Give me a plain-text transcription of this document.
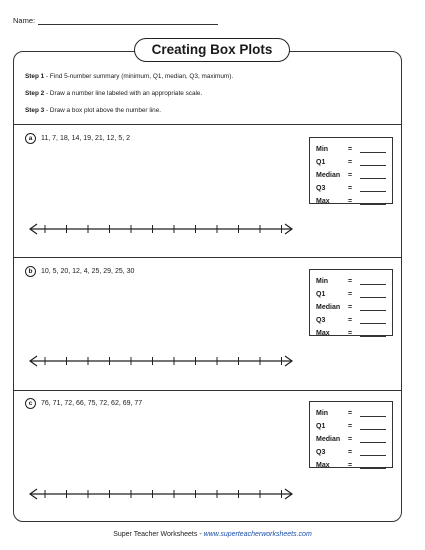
Name:
Creating Box Plots
Step 1 - Find 5-number summary (minimum, Q1, median, Q3, maximum).
Step 2 - Draw a number line labeled with an appropriate scale.
Step 3 - Draw a box plot above the number line.
a	11, 7, 18, 14, 19, 21, 12, 5, 2
Min	=
Q1	=
Median	=
Q3	=
Max	=
b	10, 5, 20, 12, 4, 25, 29, 25, 30
Min	=
Q1	=
Median	=
Q3	=
Max	=
c	76, 71, 72, 66, 75, 72, 62, 69, 77
Min	=
Q1	=
Median	=
Q3	=
Max	=
Super Teacher Worksheets - www.superteacherworksheets.com
